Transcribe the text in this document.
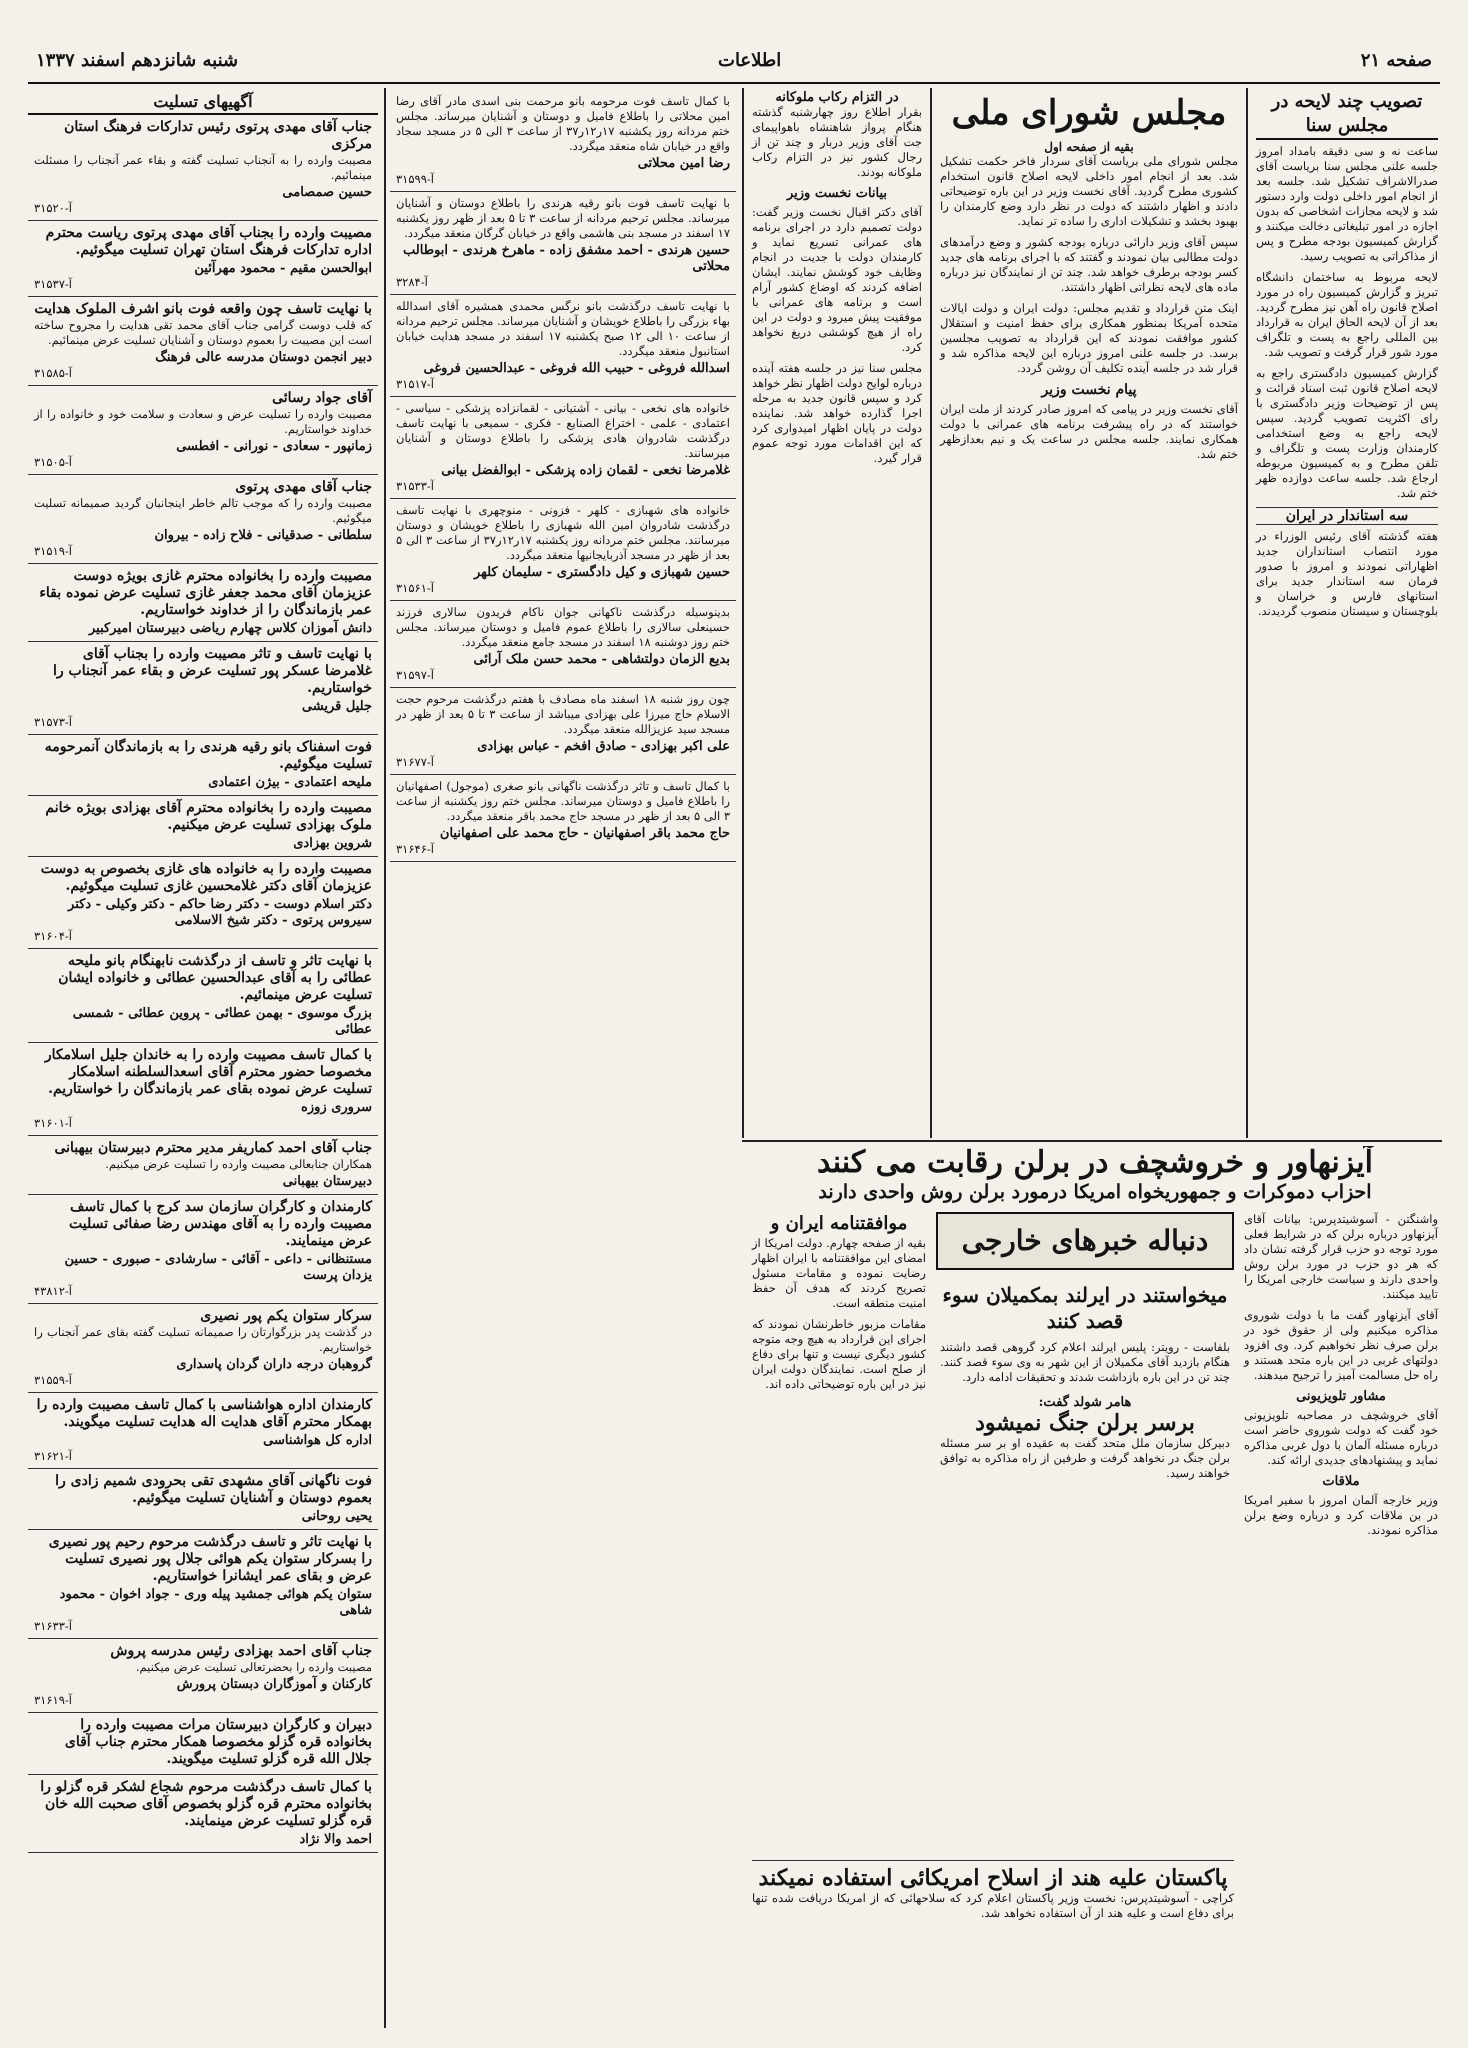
صفحه ۲۱
اطلاعات
شنبه شانزدهم اسفند ۱۳۳۷
تصویب چند لایحه در مجلس سنا

ساعت نه و سی دقیقه بامداد امروز جلسه علنی مجلس سنا بریاست آقای صدرالاشراف تشکیل شد. جلسه بعد از انجام امور داخلی دولت وارد دستور شد و لایحه مجازات اشخاصی که بدون اجازه در امور تبلیغاتی دخالت میکنند و گزارش کمیسیون بودجه مطرح و پس از مذاکراتی به تصویب رسید.

لایحه مربوط به ساختمان دانشگاه تبریز و گزارش کمیسیون راه در مورد اصلاح قانون راه آهن نیز مطرح گردید. بعد از آن لایحه الحاق ایران به قرارداد بین المللی راجع به پست و تلگراف مورد شور قرار گرفت و تصویب شد.

گزارش کمیسیون دادگستری راجع به لایحه اصلاح قانون ثبت اسناد قرائت و پس از توضیحات وزیر دادگستری با رای اکثریت تصویب گردید. سپس لایحه راجع به وضع استخدامی کارمندان وزارت پست و تلگراف و تلفن مطرح و به کمیسیون مربوطه ارجاع شد. جلسه ساعت دوازده ظهر ختم شد.

سه استاندار در ایران

هفته گذشته آقای رئیس الوزراء در مورد انتصاب استانداران جدید اظهاراتی نمودند و امروز با صدور فرمان سه استاندار جدید برای استانهای فارس و خراسان و بلوچستان و سیستان منصوب گردیدند.

مجلس شورای ملی
بقیه از صفحه اول

مجلس شورای ملی بریاست آقای سردار فاخر حکمت تشکیل شد. بعد از انجام امور داخلی لایحه اصلاح قانون استخدام کشوری مطرح گردید. آقای نخست وزیر در این باره توضیحاتی دادند و اظهار داشتند که دولت در نظر دارد وضع کارمندان را بهبود بخشد و تشکیلات اداری را ساده تر نماید.

سپس آقای وزیر دارائی درباره بودجه کشور و وضع درآمدهای دولت مطالبی بیان نمودند و گفتند که با اجرای برنامه های جدید کسر بودجه برطرف خواهد شد. چند تن از نمایندگان نیز درباره ماده های لایحه نظراتی اظهار داشتند.

اینک متن قرارداد و تقدیم مجلس: دولت ایران و دولت ایالات متحده آمریکا بمنظور همکاری برای حفظ امنیت و استقلال کشور موافقت نمودند که این قرارداد به تصویب مجلسین برسد. در جلسه علنی امروز درباره این لایحه مذاکره شد و قرار شد در جلسه آینده تکلیف آن روشن گردد.

پیام نخست وزیر

آقای نخست وزیر در پیامی که امروز صادر کردند از ملت ایران خواستند که در راه پیشرفت برنامه های عمرانی با دولت همکاری نمایند. جلسه مجلس در ساعت یک و نیم بعدازظهر ختم شد.

در التزام رکاب ملوکانه

بقرار اطلاع روز چهارشنبه گذشته هنگام پرواز شاهنشاه باهواپیمای جت آقای وزیر دربار و چند تن از رجال کشور نیز در التزام رکاب ملوکانه بودند.

بیانات نخست وزیر

آقای دکتر اقبال نخست وزیر گفت: دولت تصمیم دارد در اجرای برنامه های عمرانی تسریع نماید و کارمندان دولت با جدیت در انجام وظایف خود کوشش نمایند. ایشان اضافه کردند که اوضاع کشور آرام است و برنامه های عمرانی با موفقیت پیش میرود و دولت در این راه از هیچ کوششی دریغ نخواهد کرد.

مجلس سنا نیز در جلسه هفته آینده درباره لوایح دولت اظهار نظر خواهد کرد و سپس قانون جدید به مرحله اجرا گذارده خواهد شد. نماینده دولت در پایان اظهار امیدواری کرد که این اقدامات مورد توجه عموم قرار گیرد.

آیزنهاور و خروشچف در برلن رقابت می کنند
احزاب دموکرات و جمهوریخواه امریکا درمورد برلن روش واحدی دارند

واشنگتن - آسوشیتدپرس: بیانات آقای آیزنهاور درباره برلن که در شرایط فعلی مورد توجه دو حزب قرار گرفته نشان داد که هر دو حزب در مورد برلن روش واحدی دارند و سیاست خارجی امریکا را تایید میکنند.

آقای آیزنهاور گفت ما با دولت شوروی مذاکره میکنیم ولی از حقوق خود در برلن صرف نظر نخواهیم کرد. وی افزود دولتهای غربی در این باره متحد هستند و راه حل مسالمت آمیز را ترجیح میدهند.

مشاور تلویزیونی

آقای خروشچف در مصاحبه تلویزیونی خود گفت که دولت شوروی حاضر است درباره مسئله آلمان با دول غربی مذاکره نماید و پیشنهادهای جدیدی ارائه کند.

ملاقات

وزیر خارجه آلمان امروز با سفیر امریکا در بن ملاقات کرد و درباره وضع برلن مذاکره نمودند.

دنباله خبرهای خارجی
موافقتنامه ایران و

بقیه از صفحه چهارم. دولت امریکا از امضای این موافقتنامه با ایران اظهار رضایت نموده و مقامات مسئول تصریح کردند که هدف آن حفظ امنیت منطقه است.

مقامات مزبور خاطرنشان نمودند که اجرای این قرارداد به هیچ وجه متوجه کشور دیگری نیست و تنها برای دفاع از صلح است. نمایندگان دولت ایران نیز در این باره توضیحاتی داده اند.

میخواستند در ایرلند بمکمیلان سوء قصد کنند

بلفاست - رویتر: پلیس ایرلند اعلام کرد گروهی قصد داشتند هنگام بازدید آقای مکمیلان از این شهر به وی سوء قصد کنند. چند تن در این باره بازداشت شدند و تحقیقات ادامه دارد.

هامر شولد گفت:
برسر برلن جنگ نمیشود

دبیرکل سازمان ملل متحد گفت به عقیده او بر سر مسئله برلن جنگ در نخواهد گرفت و طرفین از راه مذاکره به توافق خواهند رسید.

پاکستان علیه هند از اسلاح امریکائی استفاده نمیکند

کراچی - آسوشیتدپرس: نخست وزیر پاکستان اعلام کرد که سلاحهائی که از امریکا دریافت شده تنها برای دفاع است و علیه هند از آن استفاده نخواهد شد.

با کمال تاسف فوت مرحومه بانو مرحمت بنی اسدی مادر آقای رضا امین محلاتی را باطلاع فامیل و دوستان و آشنایان میرساند. مجلس ختم مردانه روز یکشنبه ۱۷ر۱۲ر۳۷ از ساعت ۳ الی ۵ در مسجد سجاد واقع در خیابان شاه منعقد میگردد.
رضا امین محلاتی
آ-۳۱۵۹۹
با نهایت تاسف فوت بانو رقیه هرندی را باطلاع دوستان و آشنایان میرساند. مجلس ترحیم مردانه از ساعت ۳ تا ۵ بعد از ظهر روز یکشنبه ۱۷ اسفند در مسجد بنی هاشمی واقع در خیابان گرگان منعقد میگردد.
حسین هرندی - احمد مشفق زاده - ماهرخ هرندی - ابوطالب محلاتی
آ-۳۲۸۴
با نهایت تاسف درگذشت بانو نرگس محمدی همشیره آقای اسدالله بهاء بزرگی را باطلاع خویشان و آشنایان میرساند. مجلس ترحیم مردانه از ساعت ۱۰ الی ۱۲ صبح یکشنبه ۱۷ اسفند در مسجد هدایت خیابان استانبول منعقد میگردد.
اسدالله فروغی - حبیب الله فروغی - عبدالحسین فروغی
آ-۳۱۵۱۷
خانواده های نخعی - بیانی - آشتیانی - لقمانزاده پزشکی - سیاسی - اعتمادی - علمی - اختراع الصنایع - فکری - سمیعی با نهایت تاسف درگذشت شادروان هادی پزشکی را باطلاع دوستان و آشنایان میرسانند.
غلامرضا نخعی - لقمان زاده پزشکی - ابوالفضل بیانی
آ-۳۱۵۳۳
خانواده های شهبازی - کلهر - فزونی - منوچهری با نهایت تاسف درگذشت شادروان امین الله شهبازی را باطلاع خویشان و دوستان میرسانند. مجلس ختم مردانه روز یکشنبه ۱۷ر۱۲ر۳۷ از ساعت ۳ الی ۵ بعد از ظهر در مسجد آذربایجانیها منعقد میگردد.
حسین شهبازی و کیل دادگستری - سلیمان کلهر
آ-۳۱۵۶۱
بدینوسیله درگذشت ناکهانی جوان ناکام فریدون سالاری فرزند حسینعلی سالاری را باطلاع عموم فامیل و دوستان میرساند. مجلس ختم روز دوشنبه ۱۸ اسفند در مسجد جامع منعقد میگردد.
بدیع الزمان دولتشاهی - محمد حسن ملک آرائی
آ-۳۱۵۹۷
چون روز شنبه ۱۸ اسفند ماه مصادف با هفتم درگذشت مرحوم حجت الاسلام حاج میرزا علی بهزادی میباشد از ساعت ۳ تا ۵ بعد از ظهر در مسجد سید عزیزالله منعقد میگردد.
علی اکبر بهزادی - صادق افخم - عباس بهزادی
آ-۳۱۶۷۷
با کمال تاسف و تاثر درگذشت ناگهانی بانو صغری (موجول) اصفهانیان را باطلاع فامیل و دوستان میرساند. مجلس ختم روز یکشنبه از ساعت ۳ الی ۵ بعد از ظهر در مسجد حاج محمد باقر منعقد میگردد.
حاج محمد باقر اصفهانیان - حاج محمد علی اصفهانیان
آ-۳۱۶۴۶
آگهیهای تسلیت
جناب آقای مهدی پرتوی رئیس تدارکات فرهنگ استان مرکزی
مصیبت وارده را به آنجناب تسلیت گفته و بقاء عمر آنجناب را مسئلت مینمائیم.
حسین صمصامی
آ-۳۱۵۲۰
مصیبت وارده را بجناب آقای مهدی پرتوی ریاست محترم اداره تدارکات فرهنگ استان تهران تسلیت میگوئیم.
ابوالحسن مقیم - محمود مهرآئین
آ-۳۱۵۳۷
با نهایت تاسف چون واقعه فوت بانو اشرف الملوک هدایت
که قلب دوست گرامی جناب آقای محمد تقی هدایت را مجروح ساخته است این مصیبت را بعموم دوستان و آشنایان تسلیت عرض مینمائیم.
دبیر انجمن دوستان مدرسه عالی فرهنگ
آ-۳۱۵۸۵
آقای جواد رسائی
مصیبت وارده را تسلیت عرض و سعادت و سلامت خود و خانواده را از خداوند خواستاریم.
زمانپور - سعادی - نورانی - افطسی
آ-۳۱۵۰۵
جناب آقای مهدی پرتوی
مصیبت وارده را که موجب تالم خاطر اینجانبان گردید صمیمانه تسلیت میگوئیم.
سلطانی - صدقیانی - فلاح زاده - بیروان
آ-۳۱۵۱۹
مصیبت وارده را بخانواده محترم غازی بویژه دوست عزیزمان آقای محمد جعفر غازی تسلیت عرض نموده بقاء عمر بازماندگان را از خداوند خواستاریم.
دانش آموزان کلاس چهارم ریاضی دبیرستان امیرکبیر
با نهایت تاسف و تاثر مصیبت وارده را بجناب آقای غلامرضا عسکر پور تسلیت عرض و بقاء عمر آنجناب را خواستاریم.
جلیل قریشی
آ-۳۱۵۷۳
فوت اسفناک بانو رقیه هرندی را به بازماندگان آنمرحومه تسلیت میگوئیم.
ملیحه اعتمادی - بیژن اعتمادی
مصیبت وارده را بخانواده محترم آقای بهزادی بویژه خانم ملوک بهزادی تسلیت عرض میکنیم.
شروین بهزادی
مصیبت وارده را به خانواده های غازی بخصوص به دوست عزیزمان آقای دکتر غلامحسین غازی تسلیت میگوئیم.
دکتر اسلام دوست - دکتر رضا حاکم - دکتر وکیلی - دکتر سیروس پرتوی - دکتر شیخ الاسلامی
آ-۳۱۶۰۴
با نهایت تاثر و تاسف از درگذشت نابهنگام بانو ملیحه عطائی را به آقای عبدالحسین عطائی و خانواده ایشان تسلیت عرض مینمائیم.
بزرگ موسوی - بهمن عطائی - پروین عطائی - شمسی عطائی
با کمال تاسف مصیبت وارده را به خاندان جلیل اسلامکار مخصوصا حضور محترم آقای اسعدالسلطنه اسلامکار تسلیت عرض نموده بقای عمر بازماندگان را خواستاریم.
سروری زوزه
آ-۳۱۶۰۱
جناب آقای احمد کماریفر مدیر محترم دبیرستان بیهبانی
همکاران جنابعالی مصیبت وارده را تسلیت عرض میکنیم.
دبیرستان بیهبانی
کارمندان و کارگران سازمان سد کرج با کمال تاسف مصیبت وارده را به آقای مهندس رضا صفائی تسلیت عرض مینمایند.
مستنظانی - داعی - آقائی - سارشادی - صبوری - حسین یزدان پرست
آ-۴۳۸۱۲
سرکار ستوان یکم پور نصیری
در گذشت پدر بزرگوارتان را صمیمانه تسلیت گفته بقای عمر آنجناب را خواستاریم.
گروهبان درجه داران گردان پاسداری
آ-۳۱۵۵۹
کارمندان اداره هواشناسی با کمال تاسف مصیبت وارده را بهمکار محترم آقای هدایت اله هدایت تسلیت میگویند.
اداره کل هواشناسی
آ-۳۱۶۲۱
فوت ناگهانی آقای مشهدی تقی بحرودی شمیم زادی را بعموم دوستان و آشنایان تسلیت میگوئیم.
یحیی روحانی
با نهایت تاثر و تاسف درگذشت مرحوم رحیم پور نصیری را بسرکار ستوان یکم هوائی جلال پور نصیری تسلیت عرض و بقای عمر ایشانرا خواستاریم.
ستوان یکم هوائی جمشید پیله وری - جواد اخوان - محمود شاهی
آ-۳۱۶۳۳
جناب آقای احمد بهزادی رئیس مدرسه پروش
مصیبت وارده را بحضرتعالی تسلیت عرض میکنیم.
کارکنان و آموزگاران دبستان پرورش
آ-۳۱۶۱۹
دبیران و کارگران دبیرستان مرات مصیبت وارده را بخانواده قره گزلو مخصوصا همکار محترم جناب آقای جلال الله قره گزلو تسلیت میگویند.
با کمال تاسف درگذشت مرحوم شجاع لشکر قره گزلو را بخانواده محترم قره گزلو بخصوص آقای صحبت الله خان قره گزلو تسلیت عرض مینمایند.
احمد والا نژاد
